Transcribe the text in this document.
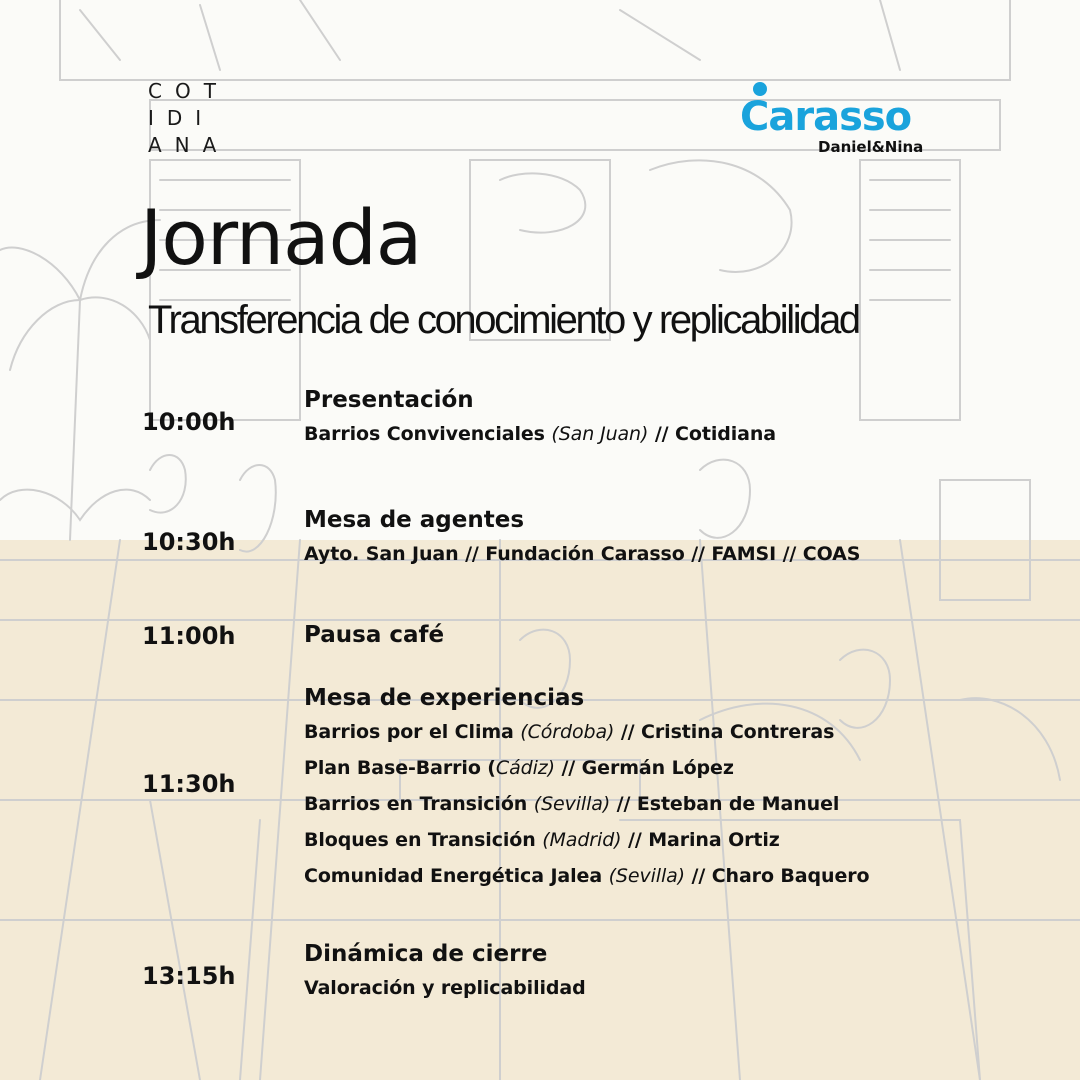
COT
IDI
ANA
Carasso
Daniel&Nina
Jornada
Transferencia de conocimiento y replicabilidad
10:00h
Presentación
Barrios Convivenciales (San Juan) // Cotidiana
10:30h
Mesa de agentes
Ayto. San Juan // Fundación Carasso // FAMSI // COAS
11:00h	Pausa café
11:30h
Mesa de experiencias
Barrios por el Clima (Córdoba) // Cristina Contreras
Plan Base-Barrio (Cádiz) // Germán López
Barrios en Transición (Sevilla) // Esteban de Manuel
Bloques en Transición (Madrid) // Marina Ortiz
Comunidad Energética Jalea (Sevilla) // Charo Baquero
13:15h
Dinámica de cierre
Valoración y replicabilidad
